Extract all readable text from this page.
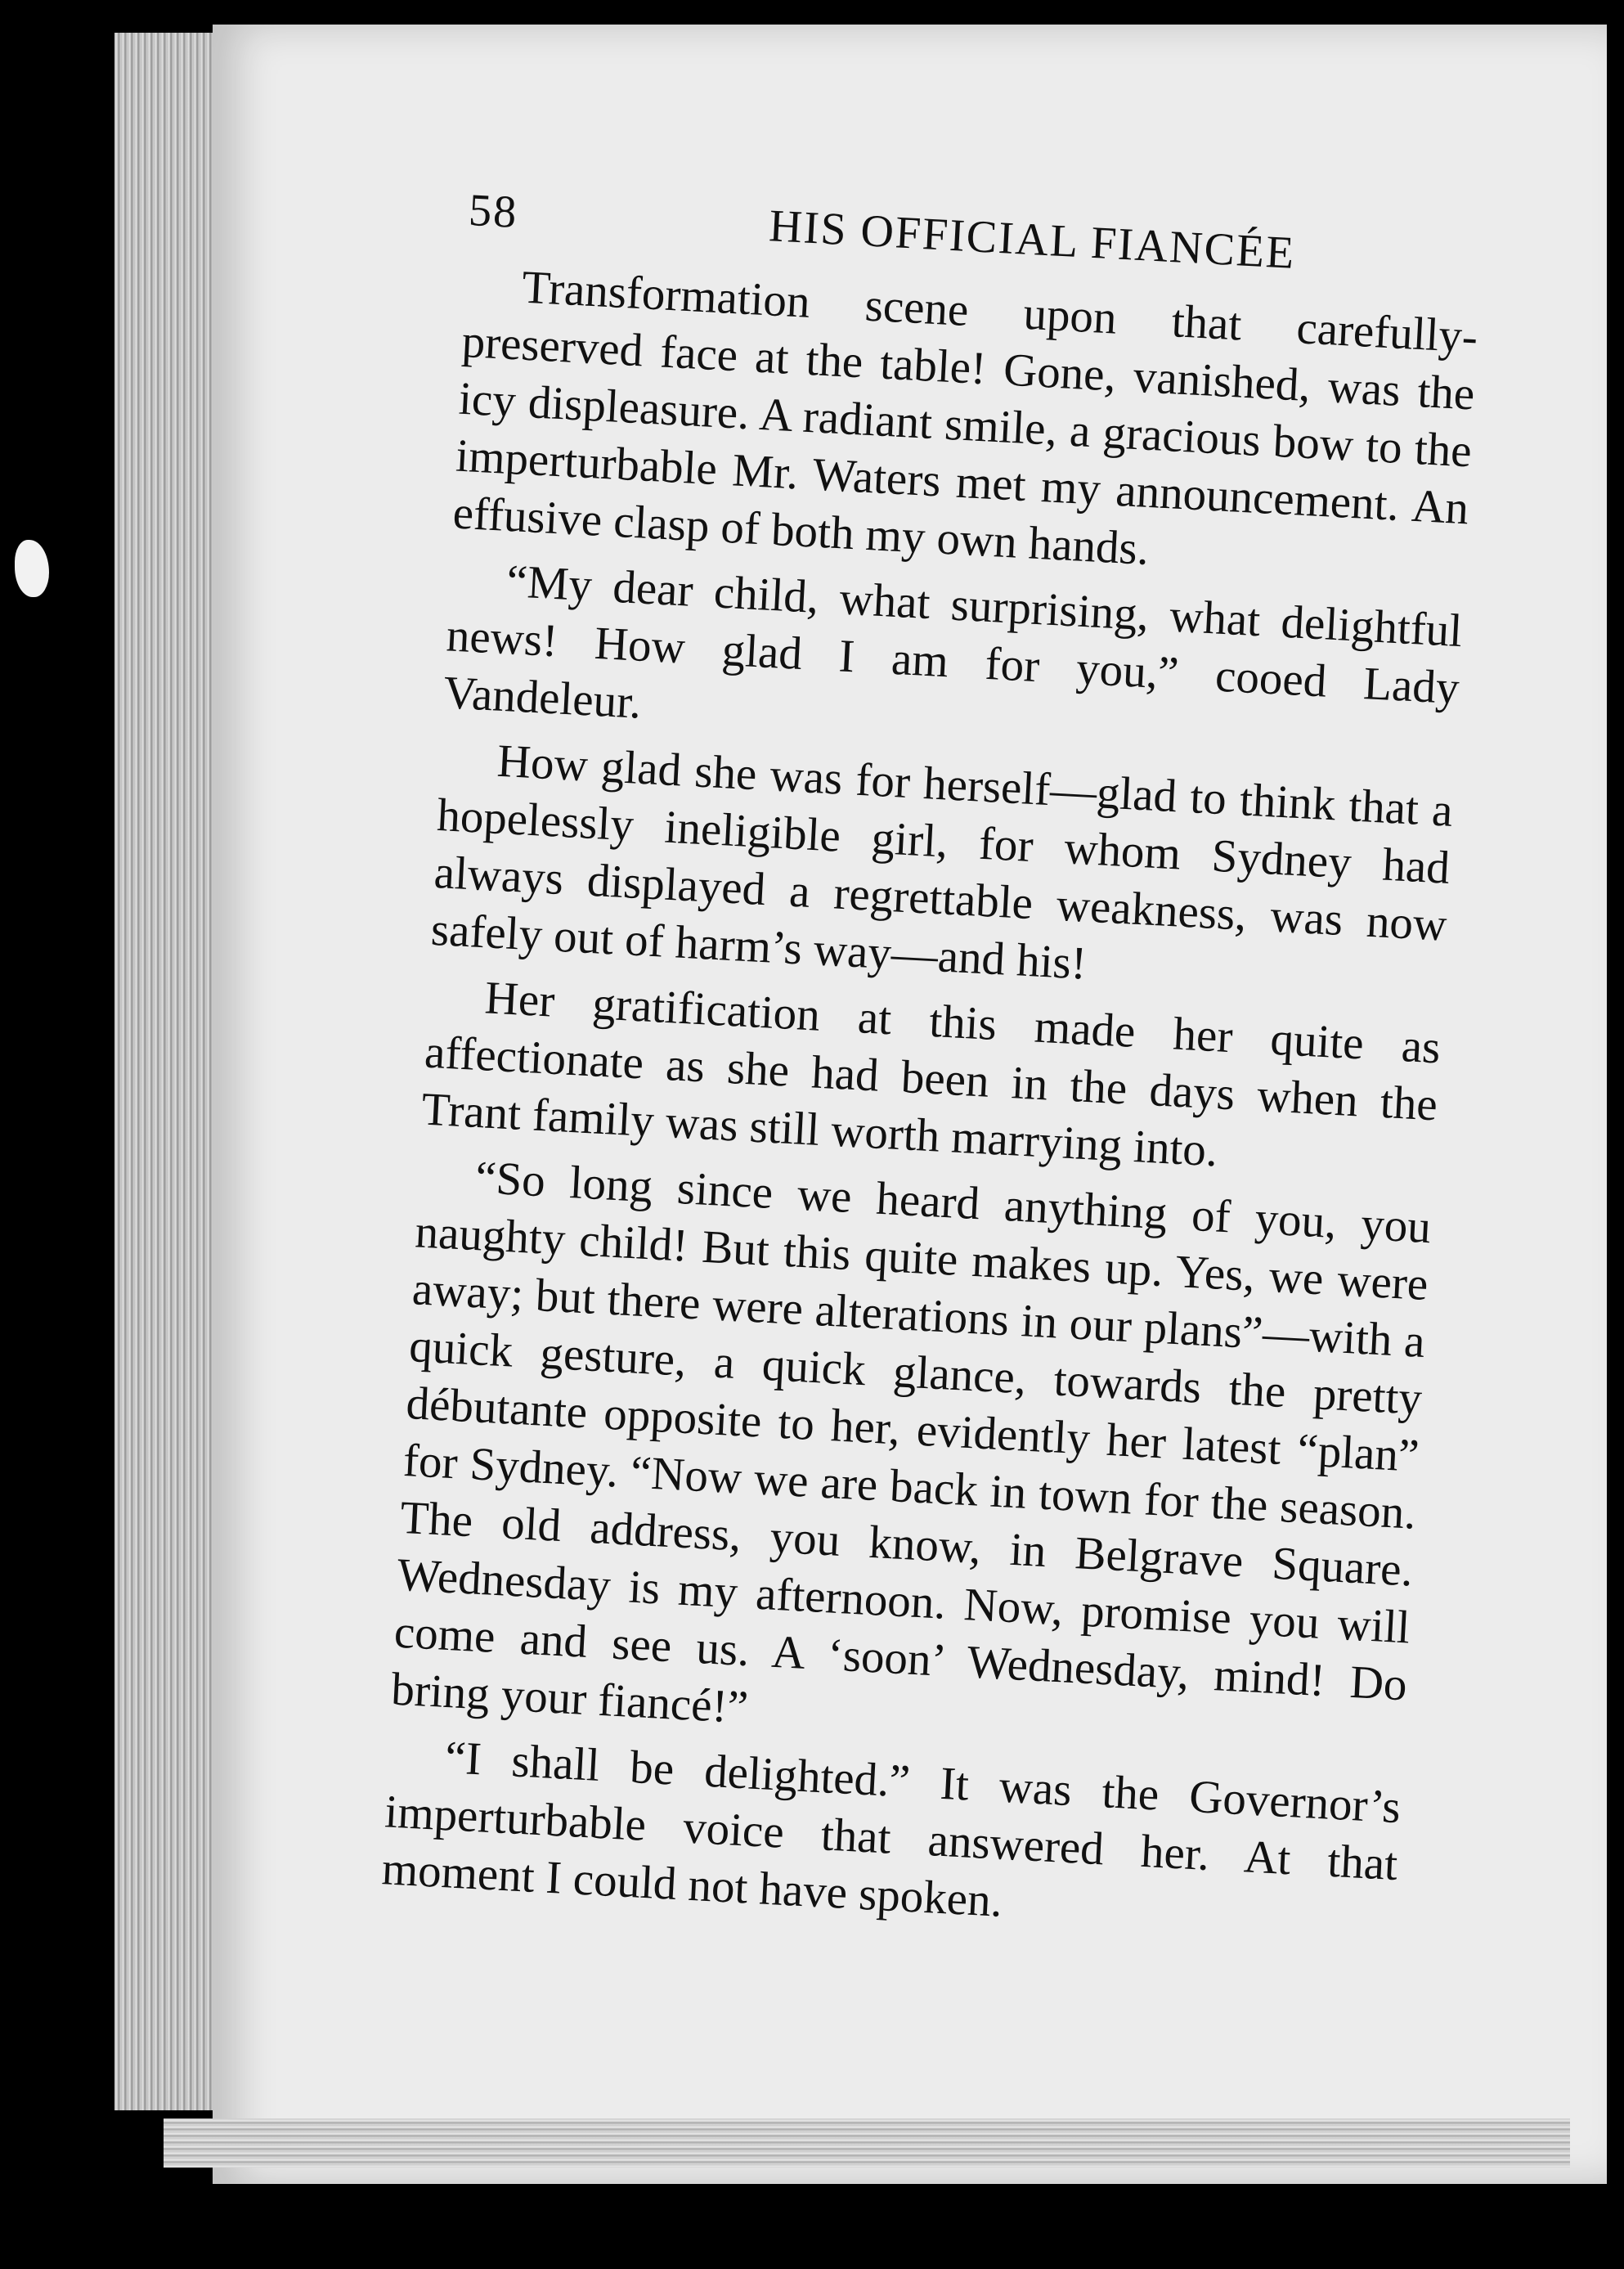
58	HIS OFFICIAL FIANCÉE

Transformation scene upon that carefully-preserved face at the table! Gone, vanished, was the icy displeasure. A radiant smile, a gracious bow to the imperturbable Mr. Waters met my announcement. An effusive clasp of both my own hands.

“My dear child, what surprising, what delightful news! How glad I am for you,” cooed Lady Vandeleur.

How glad she was for herself—glad to think that a hopelessly ineligible girl, for whom Sydney had always displayed a regrettable weakness, was now safely out of harm’s way—and his!

Her gratification at this made her quite as affectionate as she had been in the days when the Trant family was still worth marrying into.

“So long since we heard anything of you, you naughty child! But this quite makes up. Yes, we were away; but there were alterations in our plans”—with a quick gesture, a quick glance, towards the pretty débutante opposite to her, evidently her latest “plan” for Sydney. “Now we are back in town for the season. The old address, you know, in Belgrave Square. Wednesday is my afternoon. Now, promise you will come and see us. A ‘soon’ Wednesday, mind! Do bring your fiancé!”

“I shall be delighted.” It was the Governor’s imperturbable voice that answered her. At that moment I could not have spoken.
